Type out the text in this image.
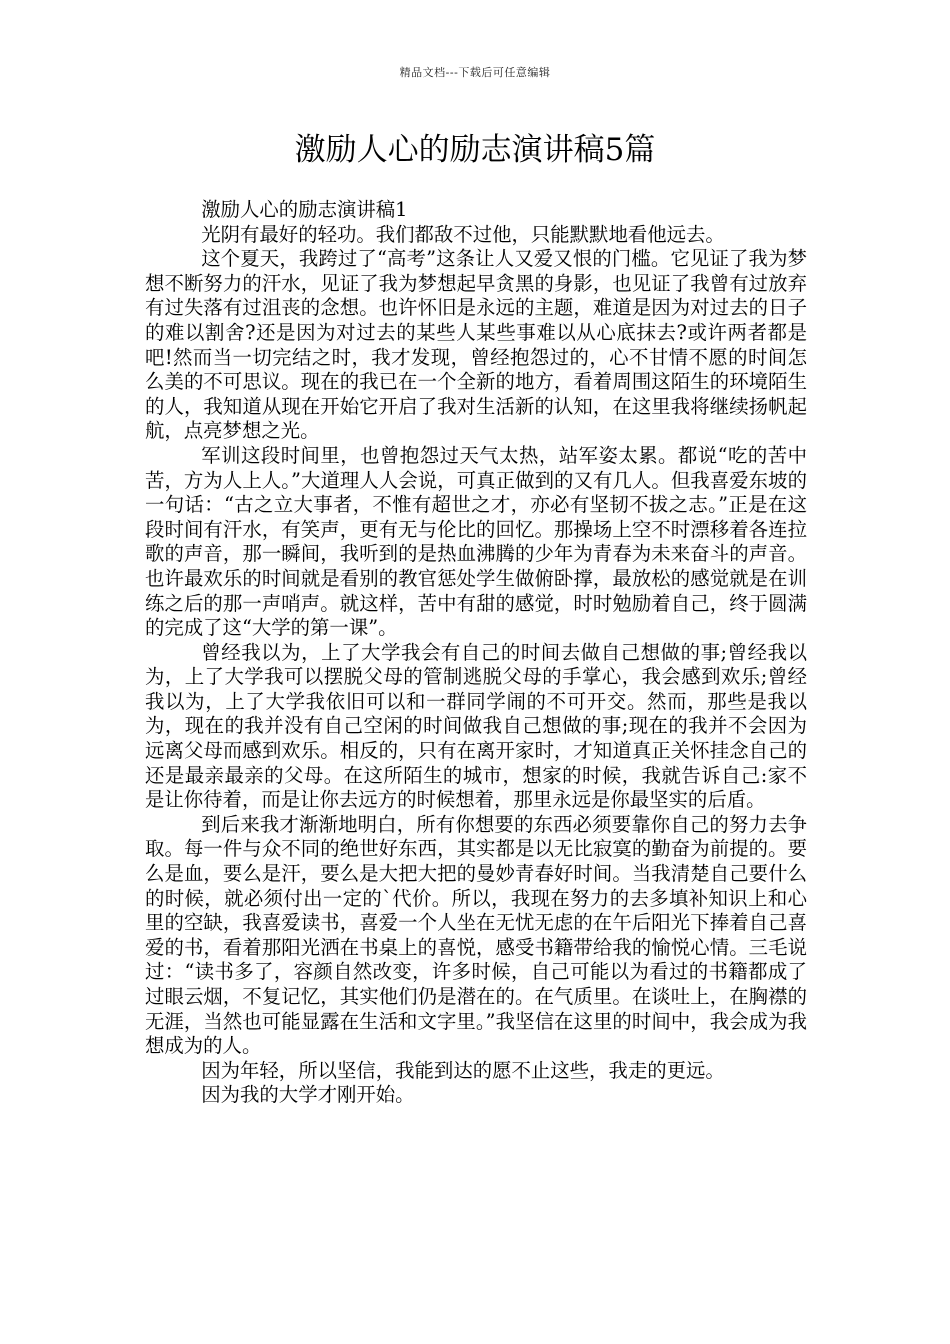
精品文档---下载后可任意编辑
激励人心的励志演讲稿5篇

激励人心的励志演讲稿1

光阴有最好的轻功。我们都敌不过他，只能默默地看他远去。

这个夏天，我跨过了“高考”这条让人又爱又恨的门槛。它见证了我为梦想不断努力的汗水，见证了我为梦想起早贪黑的身影，也见证了我曾有过放弃有过失落有过沮丧的念想。也许怀旧是永远的主题，难道是因为对过去的日子的难以割舍?还是因为对过去的某些人某些事难以从心底抹去?或许两者都是吧!然而当一切完结之时，我才发现，曾经抱怨过的，心不甘情不愿的时间怎么美的不可思议。现在的我已在一个全新的地方，看着周围这陌生的环境陌生的人，我知道从现在开始它开启了我对生活新的认知，在这里我将继续扬帆起航，点亮梦想之光。

军训这段时间里，也曾抱怨过天气太热，站军姿太累。都说“吃的苦中苦，方为人上人。”大道理人人会说，可真正做到的又有几人。但我喜爱东坡的一句话：“古之立大事者，不惟有超世之才，亦必有坚韧不拔之志。”正是在这段时间有汗水，有笑声，更有无与伦比的回忆。那操场上空不时漂移着各连拉歌的声音，那一瞬间，我听到的是热血沸腾的少年为青春为未来奋斗的声音。也许最欢乐的时间就是看别的教官惩处学生做俯卧撑，最放松的感觉就是在训练之后的那一声哨声。就这样，苦中有甜的感觉，时时勉励着自己，终于圆满的完成了这“大学的第一课”。

曾经我以为，上了大学我会有自己的时间去做自己想做的事;曾经我以为，上了大学我可以摆脱父母的管制逃脱父母的手掌心，我会感到欢乐;曾经我以为，上了大学我依旧可以和一群同学闹的不可开交。然而，那些是我以为，现在的我并没有自己空闲的时间做我自己想做的事;现在的我并不会因为远离父母而感到欢乐。相反的，只有在离开家时，才知道真正关怀挂念自己的还是最亲最亲的父母。在这所陌生的城市，想家的时候，我就告诉自己:家不是让你待着，而是让你去远方的时候想着，那里永远是你最坚实的后盾。

到后来我才渐渐地明白，所有你想要的东西必须要靠你自己的努力去争取。每一件与众不同的绝世好东西，其实都是以无比寂寞的勤奋为前提的。要么是血，要么是汗，要么是大把大把的曼妙青春好时间。当我清楚自己要什么的时候，就必须付出一定的`代价。所以，我现在努力的去多填补知识上和心里的空缺，我喜爱读书，喜爱一个人坐在无忧无虑的在午后阳光下捧着自己喜爱的书，看着那阳光洒在书桌上的喜悦，感受书籍带给我的愉悦心情。三毛说过：“读书多了，容颜自然改变，许多时候，自己可能以为看过的书籍都成了过眼云烟，不复记忆，其实他们仍是潜在的。在气质里。在谈吐上，在胸襟的无涯，当然也可能显露在生活和文字里。”我坚信在这里的时间中，我会成为我想成为的人。

因为年轻，所以坚信，我能到达的愿不止这些，我走的更远。

因为我的大学才刚开始。
